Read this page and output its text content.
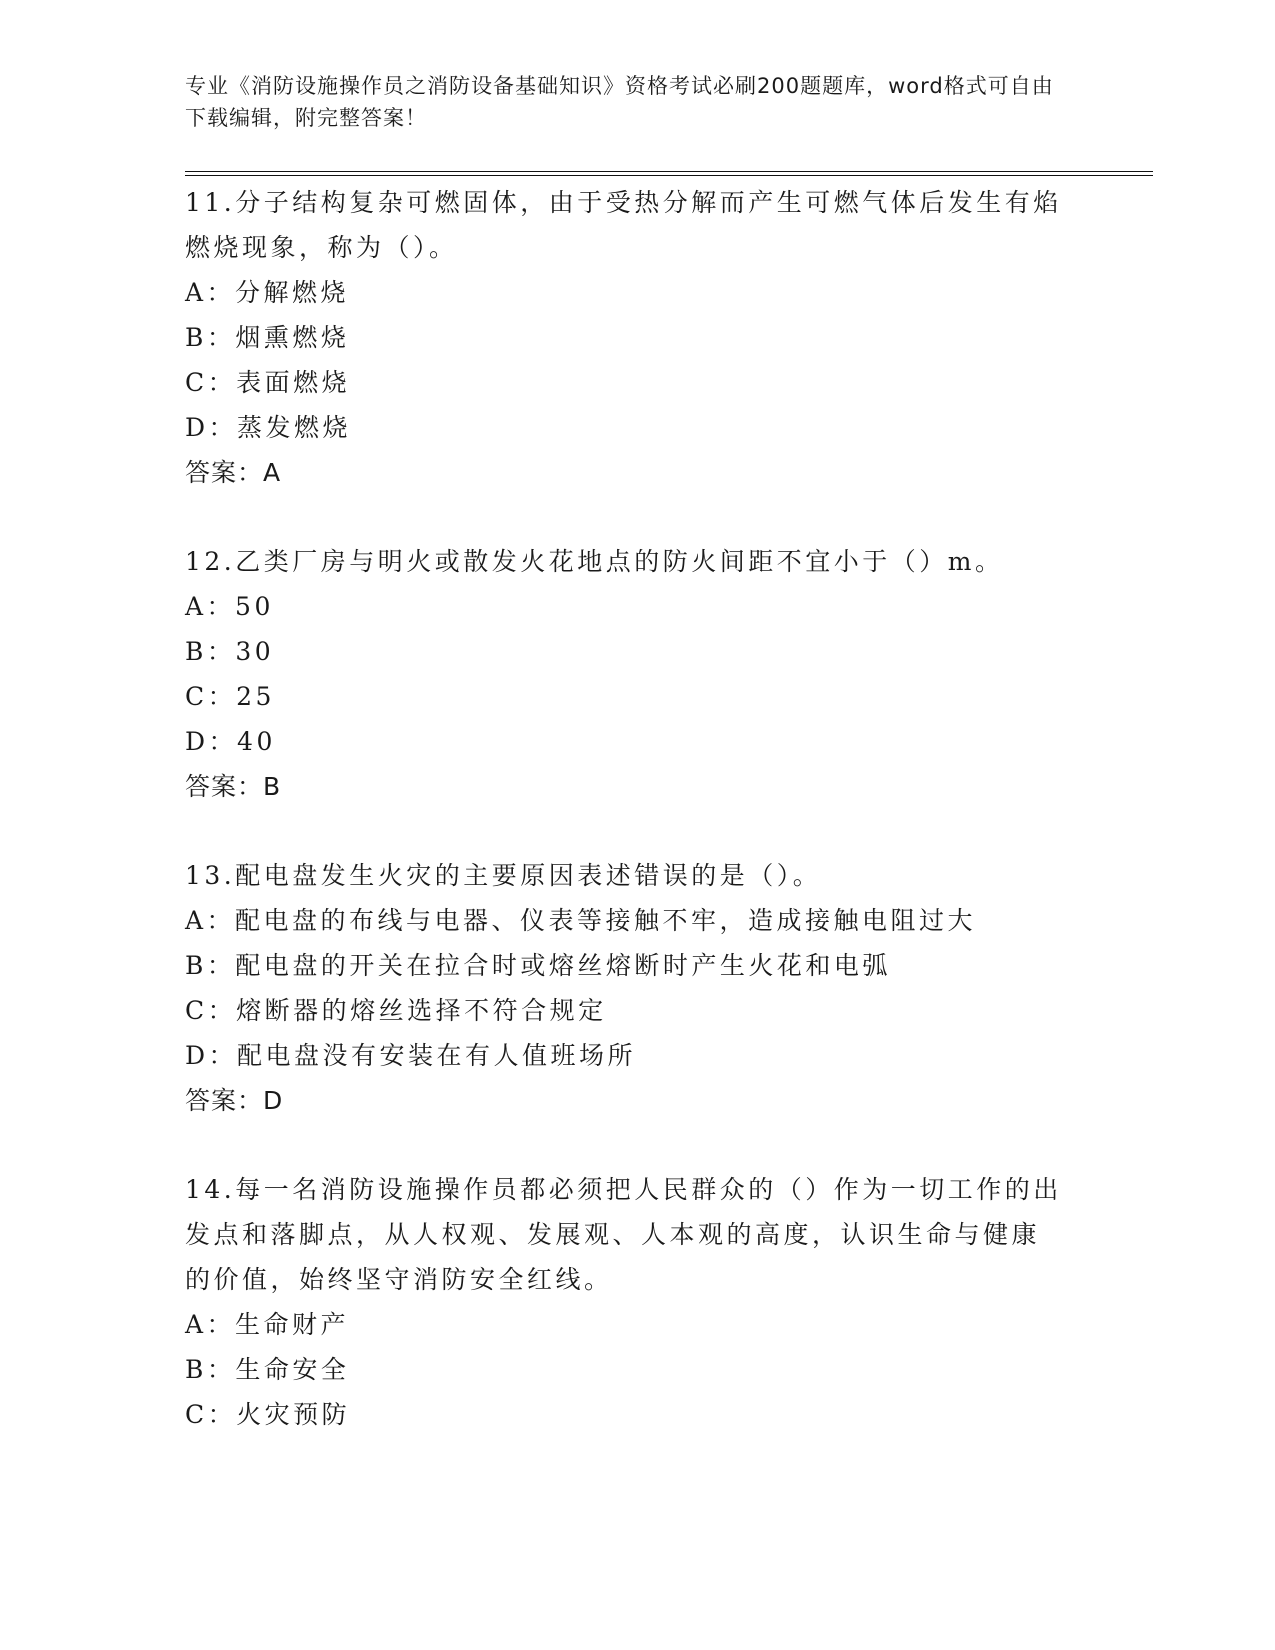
专业《消防设施操作员之消防设备基础知识》资格考试必刷200题题库，word格式可自由下载编辑，附完整答案！

11.分子结构复杂可燃固体，由于受热分解而产生可燃气体后发生有焰燃烧现象，称为（）。

A：分解燃烧

B：烟熏燃烧

C：表面燃烧

D：蒸发燃烧

答案：A

12.乙类厂房与明火或散发火花地点的防火间距不宜小于（）m。

A：50

B：30

C：25

D：40

答案：B

13.配电盘发生火灾的主要原因表述错误的是（）。

A：配电盘的布线与电器、仪表等接触不牢，造成接触电阻过大

B：配电盘的开关在拉合时或熔丝熔断时产生火花和电弧

C：熔断器的熔丝选择不符合规定

D：配电盘没有安装在有人值班场所

答案：D

14.每一名消防设施操作员都必须把人民群众的（）作为一切工作的出发点和落脚点，从人权观、发展观、人本观的高度，认识生命与健康的价值，始终坚守消防安全红线。

A：生命财产

B：生命安全

C：火灾预防
